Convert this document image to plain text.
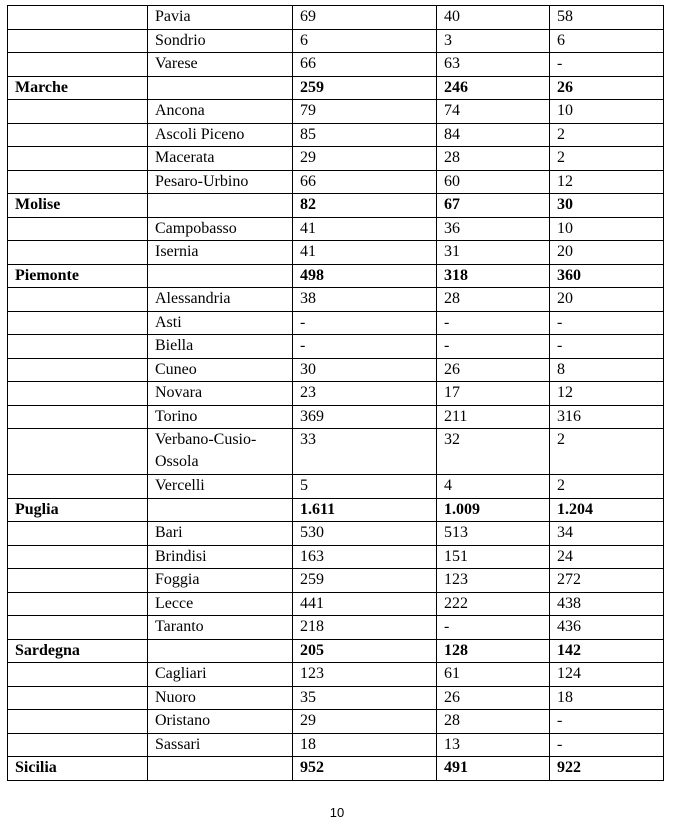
	Pavia	69	40	58
	Sondrio	6	3	6
	Varese	66	63	-
Marche		259	246	26
	Ancona	79	74	10
	Ascoli Piceno	85	84	2
	Macerata	29	28	2
	Pesaro-Urbino	66	60	12
Molise		82	67	30
	Campobasso	41	36	10
	Isernia	41	31	20
Piemonte		498	318	360
	Alessandria	38	28	20
	Asti	-	-	-
	Biella	-	-	-
	Cuneo	30	26	8
	Novara	23	17	12
	Torino	369	211	316
	Verbano-Cusio-Ossola	33	32	2
	Vercelli	5	4	2
Puglia		1.611	1.009	1.204
	Bari	530	513	34
	Brindisi	163	151	24
	Foggia	259	123	272
	Lecce	441	222	438
	Taranto	218	-	436
Sardegna		205	128	142
	Cagliari	123	61	124
	Nuoro	35	26	18
	Oristano	29	28	-
	Sassari	18	13	-
Sicilia		952	491	922
10
